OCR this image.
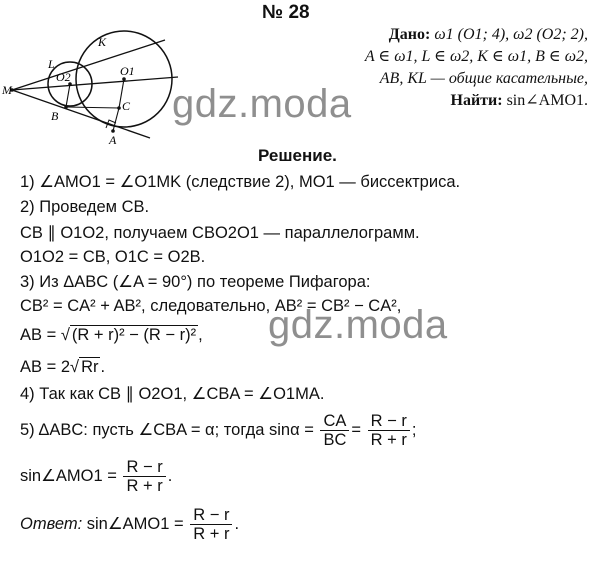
№ 28
K
L
M
O1
O2
B
C
A
Дано: ω1 (O1; 4), ω2 (O2; 2),
A ∈ ω1, L ∈ ω2, K ∈ ω1, B ∈ ω2,
AB, KL — общие касательные,
Найти: sin∠AMO1.
gdz.moda
gdz.moda
Решение.
1) ∠AMO1 = ∠O1MK (следствие 2), MO1 — биссектриса.
2) Проведем CB.
CB ∥ O1O2, получаем CBO2O1 — параллелограмм.
O1O2 = CB, O1C = O2B.
3) Из ΔABC (∠A = 90°) по теореме Пифагора:
CB² = CA² + AB², следовательно, AB² = CB² − CA²,
AB = √ (R + r)² − (R − r)² ,
AB = 2√ Rr .
4) Так как CB ∥ O2O1, ∠CBA = ∠O1MA.
5) ΔABC: пусть ∠CBA = α; тогда $\sin\alpha = \frac{CA}{BC} = \frac{R - r}{R + r}$ ;
sin∠AMO1 = $\frac{R - r}{R + r}$ .
Ответ: sin∠AMO1 = $\frac{R - r}{R + r}$ .
